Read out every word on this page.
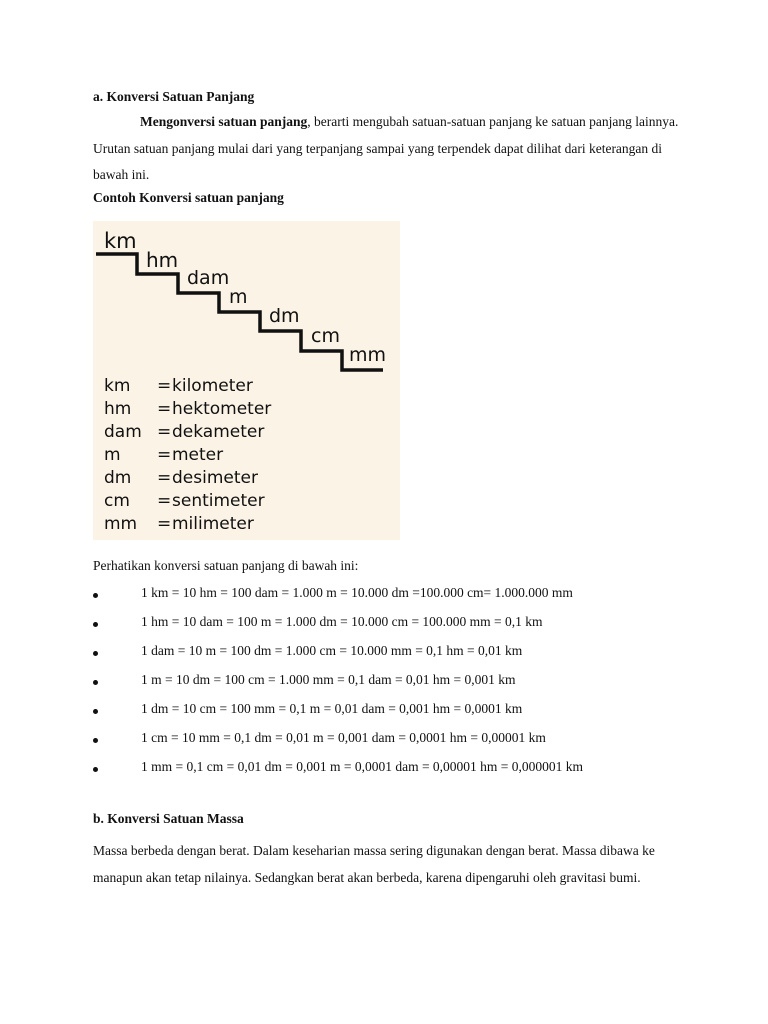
a. Konversi Satuan Panjang
Mengonversi satuan panjang, berarti mengubah satuan-satuan panjang ke satuan panjang lainnya. Urutan satuan panjang mulai dari yang terpanjang sampai yang terpendek dapat dilihat dari keterangan di bawah ini.
Contoh Konversi satuan panjang
km
hm
dam
m
dm
cm
mm
km = kilometer
hm = hektometer
dam = dekameter
m = meter
dm = desimeter
cm = sentimeter
mm = milimeter
Perhatikan konversi satuan panjang di bawah ini:
1 km = 10 hm = 100 dam = 1.000 m = 10.000 dm =100.000 cm= 1.000.000 mm
1 hm = 10 dam = 100 m = 1.000 dm = 10.000 cm = 100.000 mm = 0,1 km
1 dam = 10 m = 100 dm = 1.000 cm = 10.000 mm = 0,1 hm = 0,01 km
1 m = 10 dm = 100 cm = 1.000 mm = 0,1 dam = 0,01 hm = 0,001 km
1 dm = 10 cm = 100 mm = 0,1 m = 0,01 dam = 0,001 hm = 0,0001 km
1 cm = 10 mm = 0,1 dm = 0,01 m = 0,001 dam = 0,0001 hm = 0,00001 km
1 mm = 0,1 cm = 0,01 dm = 0,001 m = 0,0001 dam = 0,00001 hm = 0,000001 km
b. Konversi Satuan Massa
Massa berbeda dengan berat. Dalam keseharian massa sering digunakan dengan berat. Massa dibawa ke manapun akan tetap nilainya. Sedangkan berat akan berbeda, karena dipengaruhi oleh gravitasi bumi.
